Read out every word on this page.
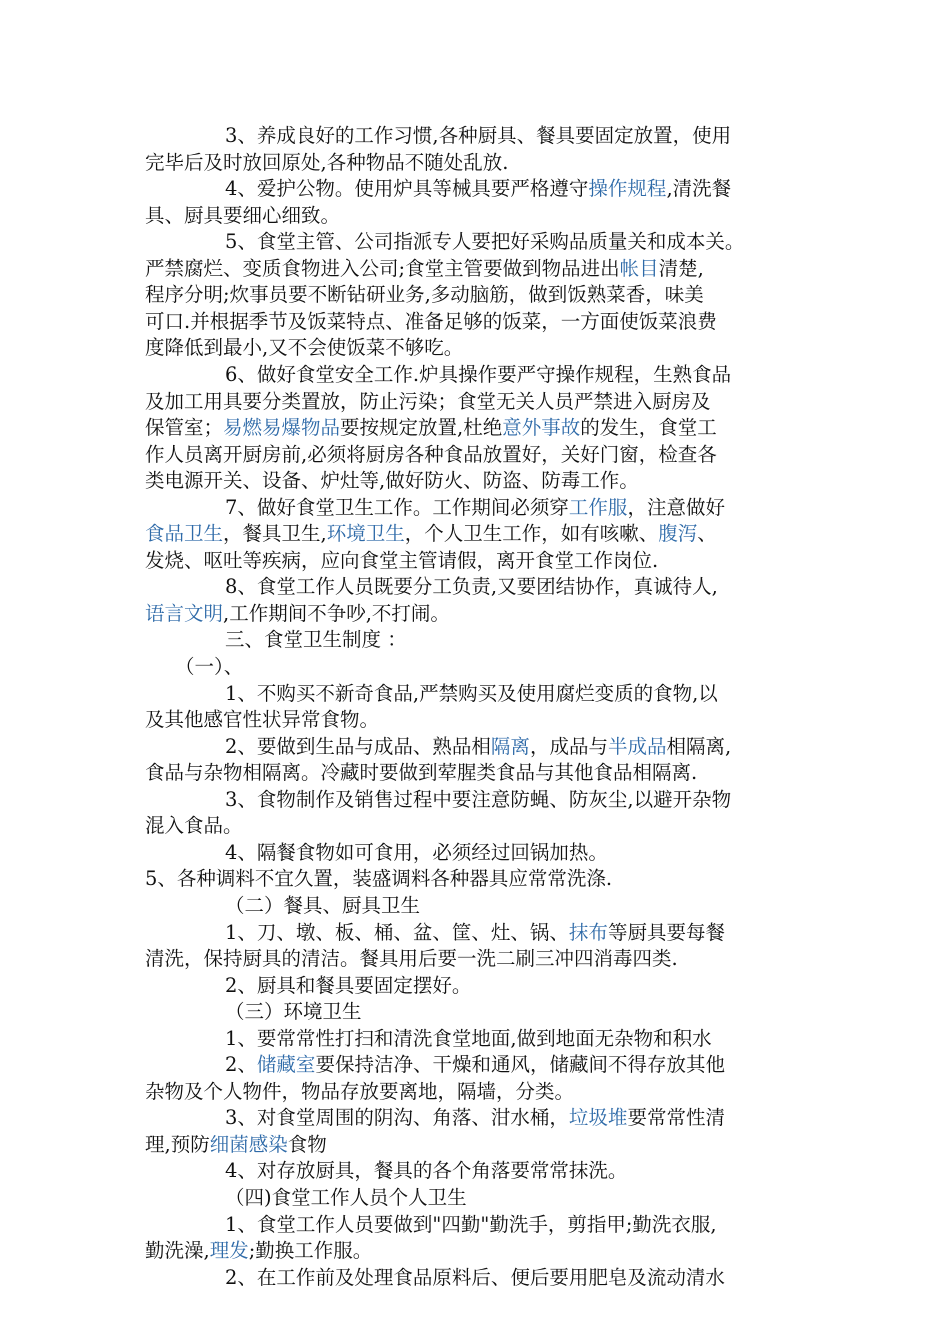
3、养成良好的工作习惯,各种厨具、餐具要固定放置，使用
完毕后及时放回原处,各种物品不随处乱放.
4、爱护公物。使用炉具等械具要严格遵守操作规程,清洗餐
具、厨具要细心细致。
5、食堂主管、公司指派专人要把好采购品质量关和成本关。
严禁腐烂、变质食物进入公司;食堂主管要做到物品进出帐目清楚,
程序分明;炊事员要不断钻研业务,多动脑筋，做到饭熟菜香，味美
可口.并根据季节及饭菜特点、准备足够的饭菜，一方面使饭菜浪费
度降低到最小,又不会使饭菜不够吃。
6、做好食堂安全工作.炉具操作要严守操作规程，生熟食品
及加工用具要分类置放，防止污染；食堂无关人员严禁进入厨房及
保管室；易燃易爆物品要按规定放置,杜绝意外事故的发生，食堂工
作人员离开厨房前,必须将厨房各种食品放置好，关好门窗，检查各
类电源开关、设备、炉灶等,做好防火、防盗、防毒工作。
7、做好食堂卫生工作。工作期间必须穿工作服，注意做好
食品卫生，餐具卫生,环境卫生，个人卫生工作，如有咳嗽、腹泻、
发烧、呕吐等疾病，应向食堂主管请假，离开食堂工作岗位.
8、食堂工作人员既要分工负责,又要团结协作，真诚待人,
语言文明,工作期间不争吵,不打闹。
三、食堂卫生制度 ：
（一）、
1、不购买不新奇食品,严禁购买及使用腐烂变质的食物,以
及其他感官性状异常食物。
2、要做到生品与成品、熟品相隔离，成品与半成品相隔离,
食品与杂物相隔离。冷藏时要做到荤腥类食品与其他食品相隔离.
3、食物制作及销售过程中要注意防蝇、防灰尘,以避开杂物
混入食品。
4、隔餐食物如可食用，必须经过回锅加热。
5、各种调料不宜久置，装盛调料各种器具应常常洗涤.
（二）餐具、厨具卫生
1、刀、墩、板、桶、盆、筐、灶、锅、抹布等厨具要每餐
清洗，保持厨具的清洁。餐具用后要一洗二刷三冲四消毒四类.
2、厨具和餐具要固定摆好。
（三）环境卫生
1、要常常性打扫和清洗食堂地面,做到地面无杂物和积水
2、储藏室要保持洁净、干燥和通风，储藏间不得存放其他
杂物及个人物件，物品存放要离地，隔墙，分类。
3、对食堂周围的阴沟、角落、泔水桶，垃圾堆要常常性清
理,预防细菌感染食物
4、对存放厨具，餐具的各个角落要常常抹洗。
（四)食堂工作人员个人卫生
1、食堂工作人员要做到"四勤"勤洗手，剪指甲;勤洗衣服,
勤洗澡,理发;勤换工作服。
2、在工作前及处理食品原料后、便后要用肥皂及流动清水
